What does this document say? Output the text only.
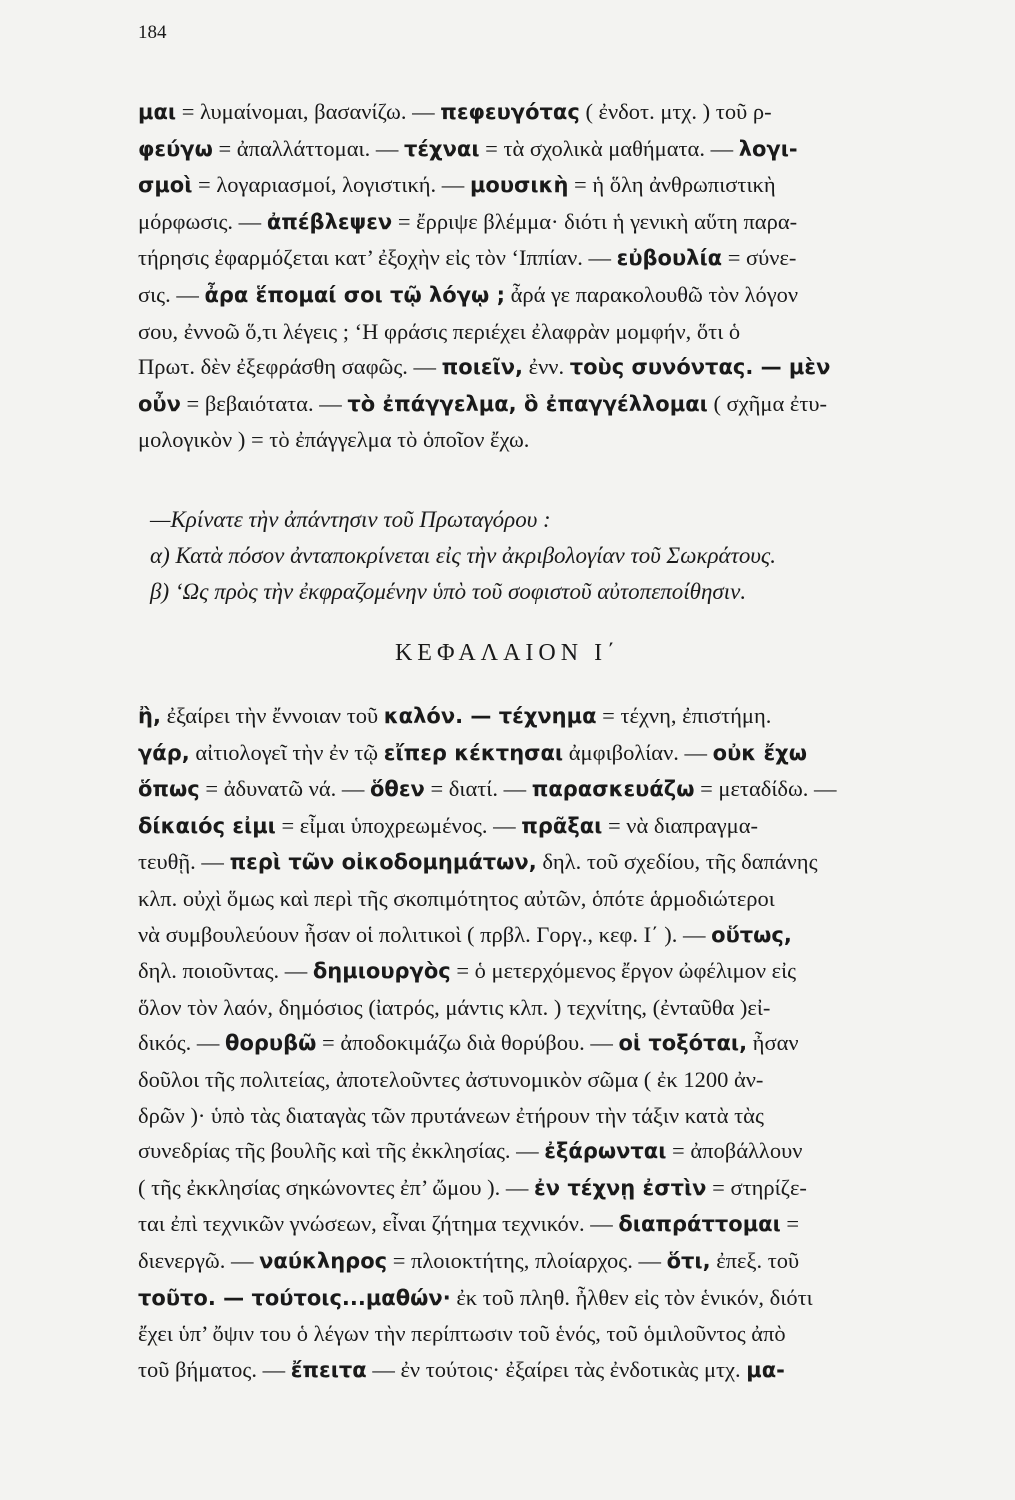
184
μαι = λυμαίνομαι, βασανίζω. — πεφευγότας ( ἐνδοτ. μτχ. ) τοῦ ρ-
φεύγω = ἀπαλλάττομαι. — τέχναι = τὰ σχολικὰ μαθήματα. — λογι-
σμοὶ = λογαριασμοί, λογιστική. — μουσικὴ = ἡ ὅλη ἀνθρωπιστικὴ
μόρφωσις. — ἀπέβλεψεν = ἔρριψε βλέμμα· διότι ἡ γενικὴ αὕτη παρα-
τήρησις ἐφαρμόζεται κατ’ ἐξοχὴν εἰς τὸν ‘Ιππίαν. — εὐβουλία = σύνε-
σις. — ἆρα ἕπομαί σοι τῷ λόγῳ ; ἆρά γε παρακολουθῶ τὸν λόγον
σου, ἐννοῶ ὅ,τι λέγεις ; ‘Η φράσις περιέχει ἐλαφρὰν μομφήν, ὅτι ὁ
Πρωτ. δὲν ἐξεφράσθη σαφῶς. — ποιεῖν, ἐνν. τοὺς συνόντας. — μὲν
οὖν = βεβαιότατα. — τὸ ἐπάγγελμα, ὃ ἐπαγγέλλομαι ( σχῆμα ἐτυ-
μολογικὸν ) = τὸ ἐπάγγελμα τὸ ὁποῖον ἔχω.
—Κρίνατε τὴν ἀπάντησιν τοῦ Πρωταγόρου :
α) Κατὰ πόσον ἀνταποκρίνεται εἰς τὴν ἀκριβολογίαν τοῦ Σωκράτους.
β) ‘Ως πρὸς τὴν ἐκφραζομένην ὑπὸ τοῦ σοφιστοῦ αὐτοπεποίθησιν.
ΚΕΦΑΛΑΙΟΝ Ι΄
ἢ, ἐξαίρει τὴν ἔννοιαν τοῦ καλόν. — τέχνημα = τέχνη, ἐπιστήμη.
γάρ, αἰτιολογεῖ τὴν ἐν τῷ εἴπερ κέκτησαι ἀμφιβολίαν. — οὐκ ἔχω
ὅπως = ἀδυνατῶ νά. — ὅθεν = διατί. — παρασκευάζω = μεταδίδω. —
δίκαιός εἰμι = εἶμαι ὑποχρεωμένος. — πρᾶξαι = νὰ διαπραγμα-
τευθῇ. — περὶ τῶν οἰκοδομημάτων, δηλ. τοῦ σχεδίου, τῆς δαπάνης
κλπ. οὐχὶ ὅμως καὶ περὶ τῆς σκοπιμότητος αὐτῶν, ὁπότε ἁρμοδιώτεροι
νὰ συμβουλεύουν ἦσαν οἱ πολιτικοὶ ( πρβλ. Γοργ., κεφ. Ι΄ ). — οὕτως,
δηλ. ποιοῦντας. — δημιουργὸς = ὁ μετερχόμενος ἔργον ὠφέλιμον εἰς
ὅλον τὸν λαόν, δημόσιος (ἰατρός, μάντις κλπ. ) τεχνίτης, (ἐνταῦθα )εἰ-
δικός. — θορυβῶ = ἀποδοκιμάζω διὰ θορύβου. — οἱ τοξόται, ἦσαν
δοῦλοι τῆς πολιτείας, ἀποτελοῦντες ἀστυνομικὸν σῶμα ( ἐκ 1200 ἀν-
δρῶν )· ὑπὸ τὰς διαταγὰς τῶν πρυτάνεων ἐτήρουν τὴν τάξιν κατὰ τὰς
συνεδρίας τῆς βουλῆς καὶ τῆς ἐκκλησίας. — ἐξάρωνται = ἀποβάλλουν
( τῆς ἐκκλησίας σηκώνοντες ἐπ’ ὤμου ). — ἐν τέχνῃ ἐστὶν = στηρίζε-
ται ἐπὶ τεχνικῶν γνώσεων, εἶναι ζήτημα τεχνικόν. — διαπράττομαι =
διενεργῶ. — ναύκληρος = πλοιοκτήτης, πλοίαρχος. — ὅτι, ἐπεξ. τοῦ
τοῦτο. — τούτοις...μαθών· ἐκ τοῦ πληθ. ἦλθεν εἰς τὸν ἑνικόν, διότι
ἔχει ὑπ’ ὄψιν του ὁ λέγων τὴν περίπτωσιν τοῦ ἑνός, τοῦ ὁμιλοῦντος ἀπὸ
τοῦ βήματος. — ἔπειτα — ἐν τούτοις· ἐξαίρει τὰς ἐνδοτικὰς μτχ. μα-
